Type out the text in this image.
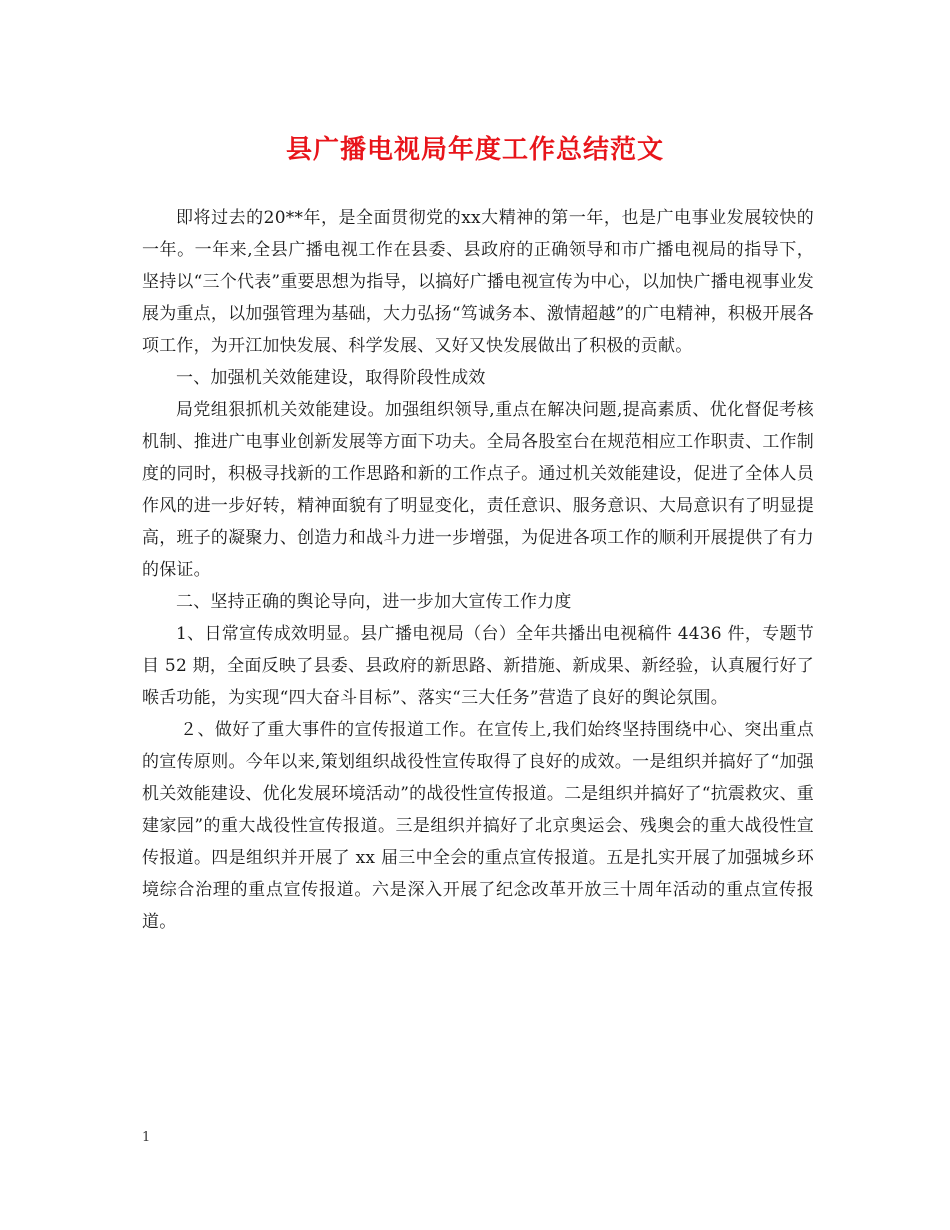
县广播电视局年度工作总结范文

即将过去的20**年，是全面贯彻党的xx大精神的第一年，也是广电事业发展较快的一年。一年来,全县广播电视工作在县委、县政府的正确领导和市广播电视局的指导下，坚持以“三个代表”重要思想为指导，以搞好广播电视宣传为中心，以加快广播电视事业发展为重点，以加强管理为基础，大力弘扬“笃诚务本、激情超越”的广电精神，积极开展各项工作，为开江加快发展、科学发展、又好又快发展做出了积极的贡献。

一、加强机关效能建设，取得阶段性成效

局党组狠抓机关效能建设。加强组织领导,重点在解决问题,提高素质、优化督促考核机制、推进广电事业创新发展等方面下功夫。全局各股室台在规范相应工作职责、工作制度的同时，积极寻找新的工作思路和新的工作点子。通过机关效能建设，促进了全体人员作风的进一步好转，精神面貌有了明显变化，责任意识、服务意识、大局意识有了明显提高，班子的凝聚力、创造力和战斗力进一步增强，为促进各项工作的顺利开展提供了有力的保证。

二、坚持正确的舆论导向，进一步加大宣传工作力度

1、日常宣传成效明显。县广播电视局（台）全年共播出电视稿件 4436 件，专题节目 52 期，全面反映了县委、县政府的新思路、新措施、新成果、新经验，认真履行好了喉舌功能，为实现“四大奋斗目标”、落实“三大任务”营造了良好的舆论氛围。

２、做好了重大事件的宣传报道工作。在宣传上,我们始终坚持围绕中心、突出重点的宣传原则。今年以来,策划组织战役性宣传取得了良好的成效。一是组织并搞好了“加强机关效能建设、优化发展环境活动”的战役性宣传报道。二是组织并搞好了“抗震救灾、重建家园”的重大战役性宣传报道。三是组织并搞好了北京奥运会、残奥会的重大战役性宣传报道。四是组织并开展了 xx 届三中全会的重点宣传报道。五是扎实开展了加强城乡环境综合治理的重点宣传报道。六是深入开展了纪念改革开放三十周年活动的重点宣传报道。

1
